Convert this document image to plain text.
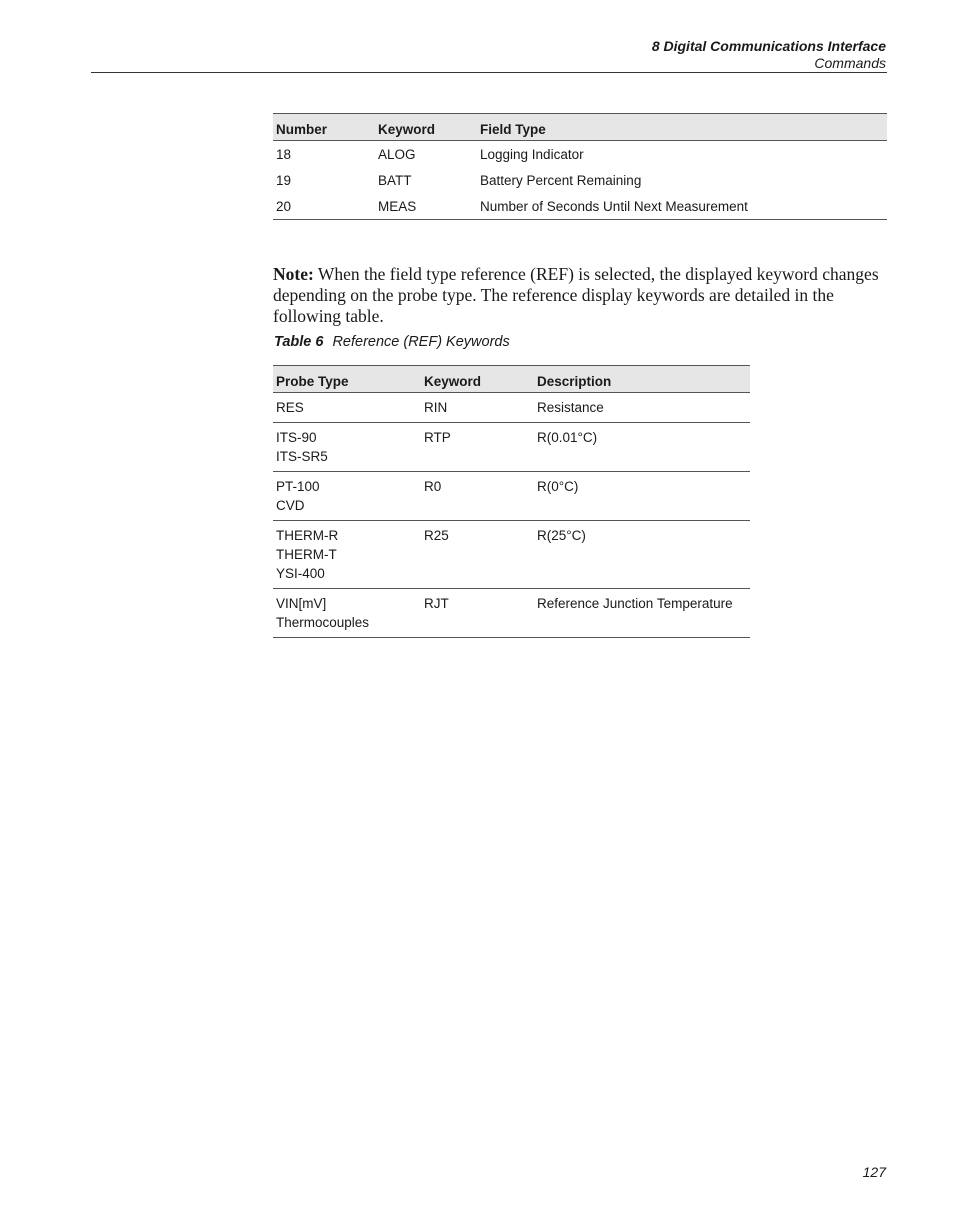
8 Digital Communications Interface
Commands
Number	Keyword	Field Type
18	ALOG	Logging Indicator
19	BATT	Battery Percent Remaining
20	MEAS	Number of Seconds Until Next Measurement

Note: When the field type reference (REF) is selected, the displayed keyword changes depending on the probe type. The reference display keywords are detailed in the following table.

Table 6 Reference (REF) Keywords
Probe Type	Keyword	Description

RES	RIN	Resistance

ITS-90
ITS-SR5	RTP	R(0.01°C)

PT-100
CVD	R0	R(0°C)

THERM-R
THERM-T
YSI-400	R25	R(25°C)

VIN[mV]
Thermocouples	RJT	Reference Junction Temperature
127
